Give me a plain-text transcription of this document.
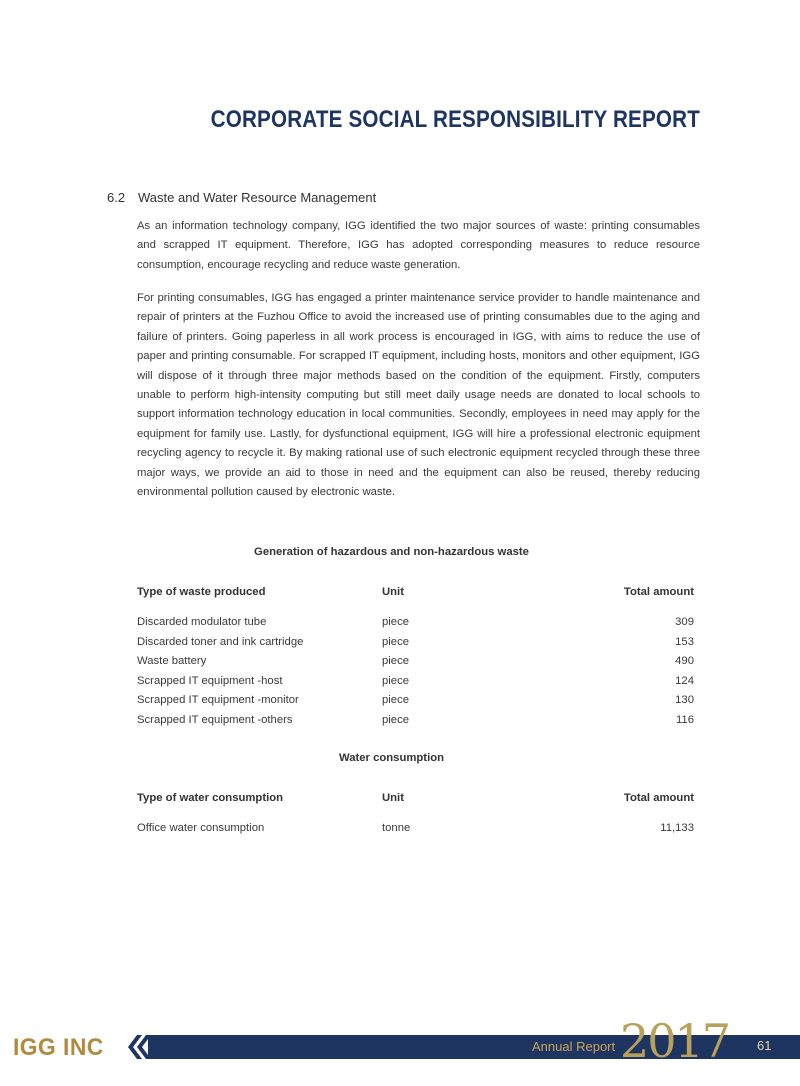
CORPORATE SOCIAL RESPONSIBILITY REPORT
6.2 Waste and Water Resource Management
As an information technology company, IGG identified the two major sources of waste: printing consumables and scrapped IT equipment. Therefore, IGG has adopted corresponding measures to reduce resource consumption, encourage recycling and reduce waste generation.
For printing consumables, IGG has engaged a printer maintenance service provider to handle maintenance and repair of printers at the Fuzhou Office to avoid the increased use of printing consumables due to the aging and failure of printers. Going paperless in all work process is encouraged in IGG, with aims to reduce the use of paper and printing consumable. For scrapped IT equipment, including hosts, monitors and other equipment, IGG will dispose of it through three major methods based on the condition of the equipment. Firstly, computers unable to perform high-intensity computing but still meet daily usage needs are donated to local schools to support information technology education in local communities. Secondly, employees in need may apply for the equipment for family use. Lastly, for dysfunctional equipment, IGG will hire a professional electronic equipment recycling agency to recycle it. By making rational use of such electronic equipment recycled through these three major ways, we provide an aid to those in need and the equipment can also be reused, thereby reducing environmental pollution caused by electronic waste.
Generation of hazardous and non-hazardous waste
Type of waste produced	Unit	Total amount
Discarded modulator tube	piece	309
Discarded toner and ink cartridge	piece	153
Waste battery	piece	490
Scrapped IT equipment -host	piece	124
Scrapped IT equipment -monitor	piece	130
Scrapped IT equipment -others	piece	116
Water consumption
Type of water consumption	Unit	Total amount
Office water consumption	tonne	11,133
IGG INC	Annual Report 2017 61
